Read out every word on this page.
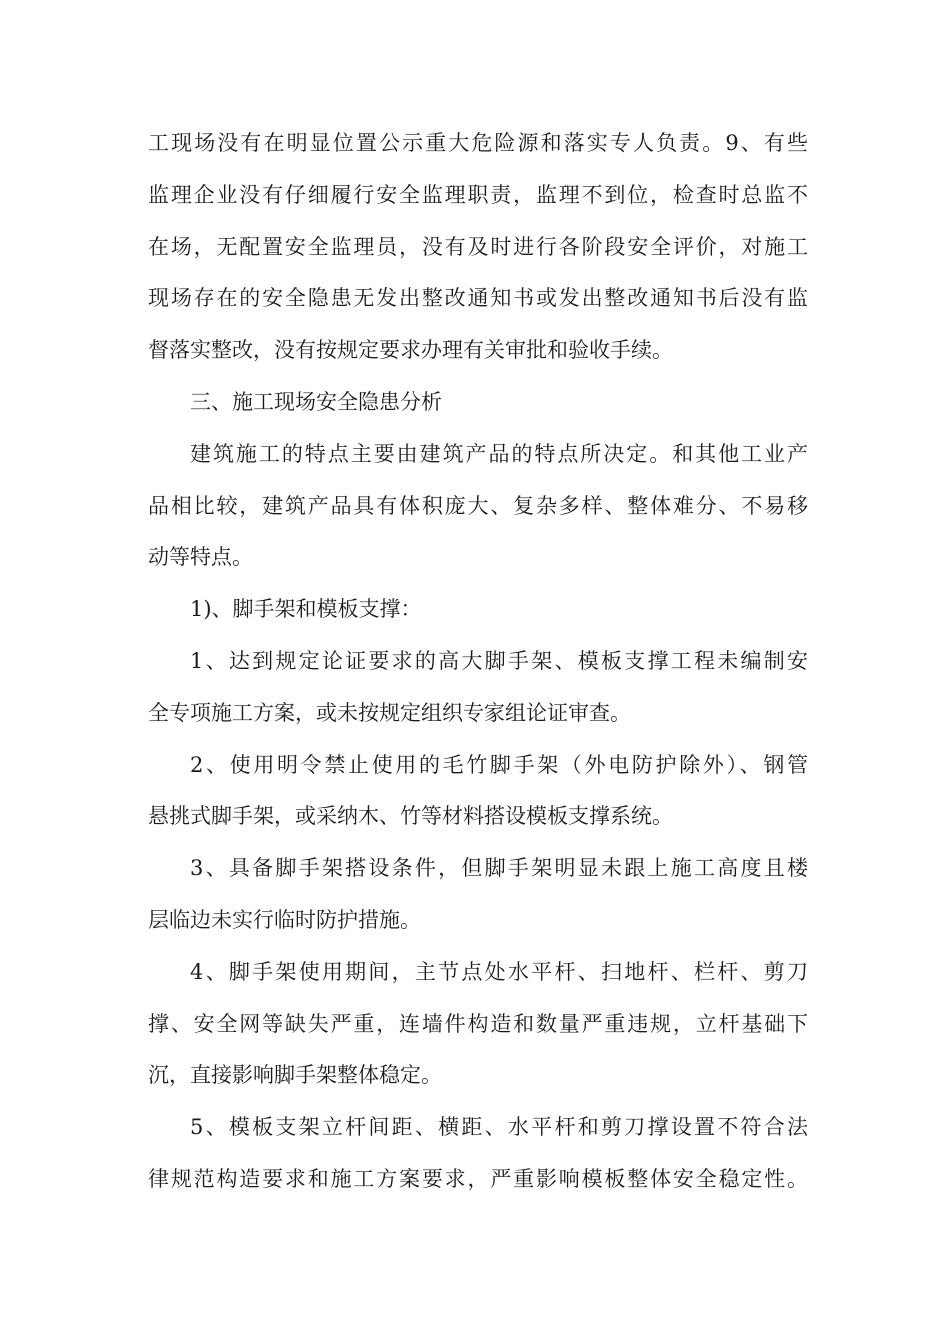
工现场没有在明显位置公示重大危险源和落实专人负责。9、有些
监理企业没有仔细履行安全监理职责，监理不到位，检查时总监不
在场，无配置安全监理员，没有及时进行各阶段安全评价，对施工
现场存在的安全隐患无发出整改通知书或发出整改通知书后没有监
督落实整改，没有按规定要求办理有关审批和验收手续。
三、施工现场安全隐患分析
建筑施工的特点主要由建筑产品的特点所决定。和其他工业产
品相比较，建筑产品具有体积庞大、复杂多样、整体难分、不易移
动等特点。
1)、脚手架和模板支撑：
1、达到规定论证要求的高大脚手架、模板支撑工程未编制安
全专项施工方案，或未按规定组织专家组论证审查。
2、使用明令禁止使用的毛竹脚手架（外电防护除外）、钢管
悬挑式脚手架，或采纳木、竹等材料搭设模板支撑系统。
3、具备脚手架搭设条件，但脚手架明显未跟上施工高度且楼
层临边未实行临时防护措施。
4、脚手架使用期间，主节点处水平杆、扫地杆、栏杆、剪刀
撑、安全网等缺失严重，连墙件构造和数量严重违规，立杆基础下
沉，直接影响脚手架整体稳定。
5、模板支架立杆间距、横距、水平杆和剪刀撑设置不符合法
律规范构造要求和施工方案要求，严重影响模板整体安全稳定性。
